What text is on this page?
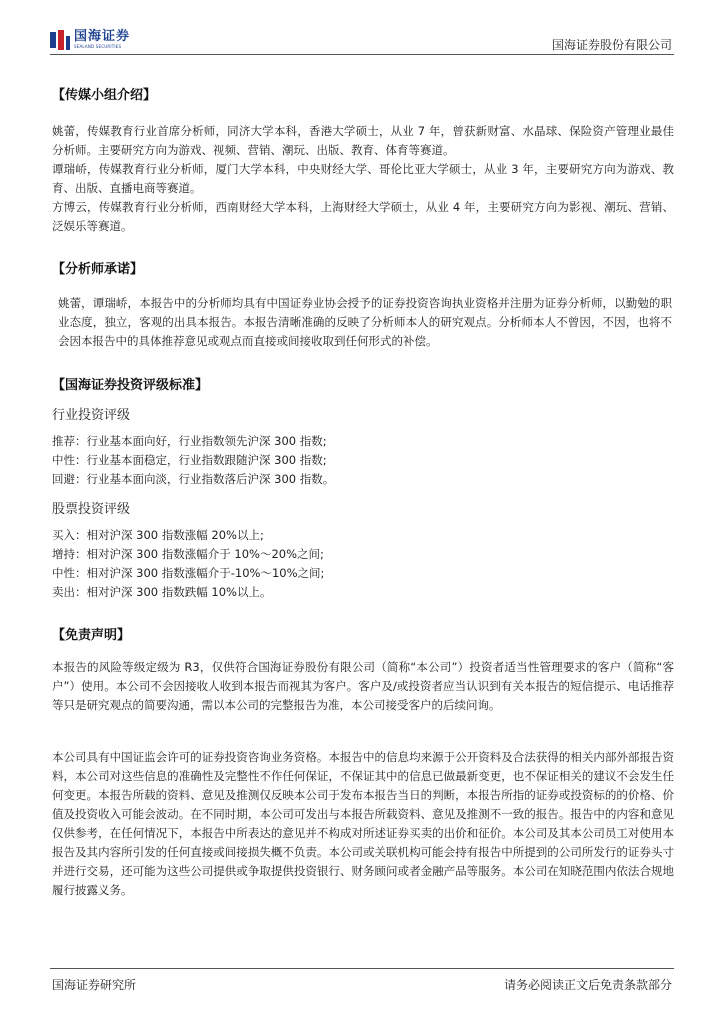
国海证券
SEALAND SECURITIES	国海证券股份有限公司
【传媒小组介绍】

姚蕾，传媒教育行业首席分析师，同济大学本科，香港大学硕士，从业 7 年，曾获新财富、水晶球、保险资产管理业最佳分析师。主要研究方向为游戏、视频、营销、潮玩、出版、教育、体育等赛道。

谭瑞峤，传媒教育行业分析师，厦门大学本科，中央财经大学、哥伦比亚大学硕士，从业 3 年，主要研究方向为游戏、教育、出版、直播电商等赛道。

方博云，传媒教育行业分析师，西南财经大学本科，上海财经大学硕士，从业 4 年，主要研究方向为影视、潮玩、营销、泛娱乐等赛道。

【分析师承诺】

姚蕾，谭瑞峤，本报告中的分析师均具有中国证券业协会授予的证券投资咨询执业资格并注册为证券分析师，以勤勉的职业态度，独立，客观的出具本报告。本报告清晰准确的反映了分析师本人的研究观点。分析师本人不曾因，不因，也将不会因本报告中的具体推荐意见或观点而直接或间接收取到任何形式的补偿。

【国海证券投资评级标准】
行业投资评级
推荐：行业基本面向好，行业指数领先沪深 300 指数;
中性：行业基本面稳定，行业指数跟随沪深 300 指数;
回避：行业基本面向淡，行业指数落后沪深 300 指数。
股票投资评级
买入：相对沪深 300 指数涨幅 20%以上;
增持：相对沪深 300 指数涨幅介于 10%～20%之间;
中性：相对沪深 300 指数涨幅介于-10%～10%之间;
卖出：相对沪深 300 指数跌幅 10%以上。
【免责声明】

本报告的风险等级定级为 R3，仅供符合国海证券股份有限公司（简称“本公司”）投资者适当性管理要求的客户（简称“客户”）使用。本公司不会因接收人收到本报告而视其为客户。客户及/或投资者应当认识到有关本报告的短信提示、电话推荐等只是研究观点的简要沟通，需以本公司的完整报告为准，本公司接受客户的后续问询。

本公司具有中国证监会许可的证券投资咨询业务资格。本报告中的信息均来源于公开资料及合法获得的相关内部外部报告资料，本公司对这些信息的准确性及完整性不作任何保证，不保证其中的信息已做最新变更，也不保证相关的建议不会发生任何变更。本报告所载的资料、意见及推测仅反映本公司于发布本报告当日的判断，本报告所指的证券或投资标的的价格、价值及投资收入可能会波动。在不同时期，本公司可发出与本报告所载资料、意见及推测不一致的报告。报告中的内容和意见仅供参考，在任何情况下，本报告中所表达的意见并不构成对所述证券买卖的出价和征价。本公司及其本公司员工对使用本报告及其内容所引发的任何直接或间接损失概不负责。本公司或关联机构可能会持有报告中所提到的公司所发行的证券头寸并进行交易，还可能为这些公司提供或争取提供投资银行、财务顾问或者金融产品等服务。本公司在知晓范围内依法合规地履行披露义务。

国海证券研究所	请务必阅读正文后免责条款部分
